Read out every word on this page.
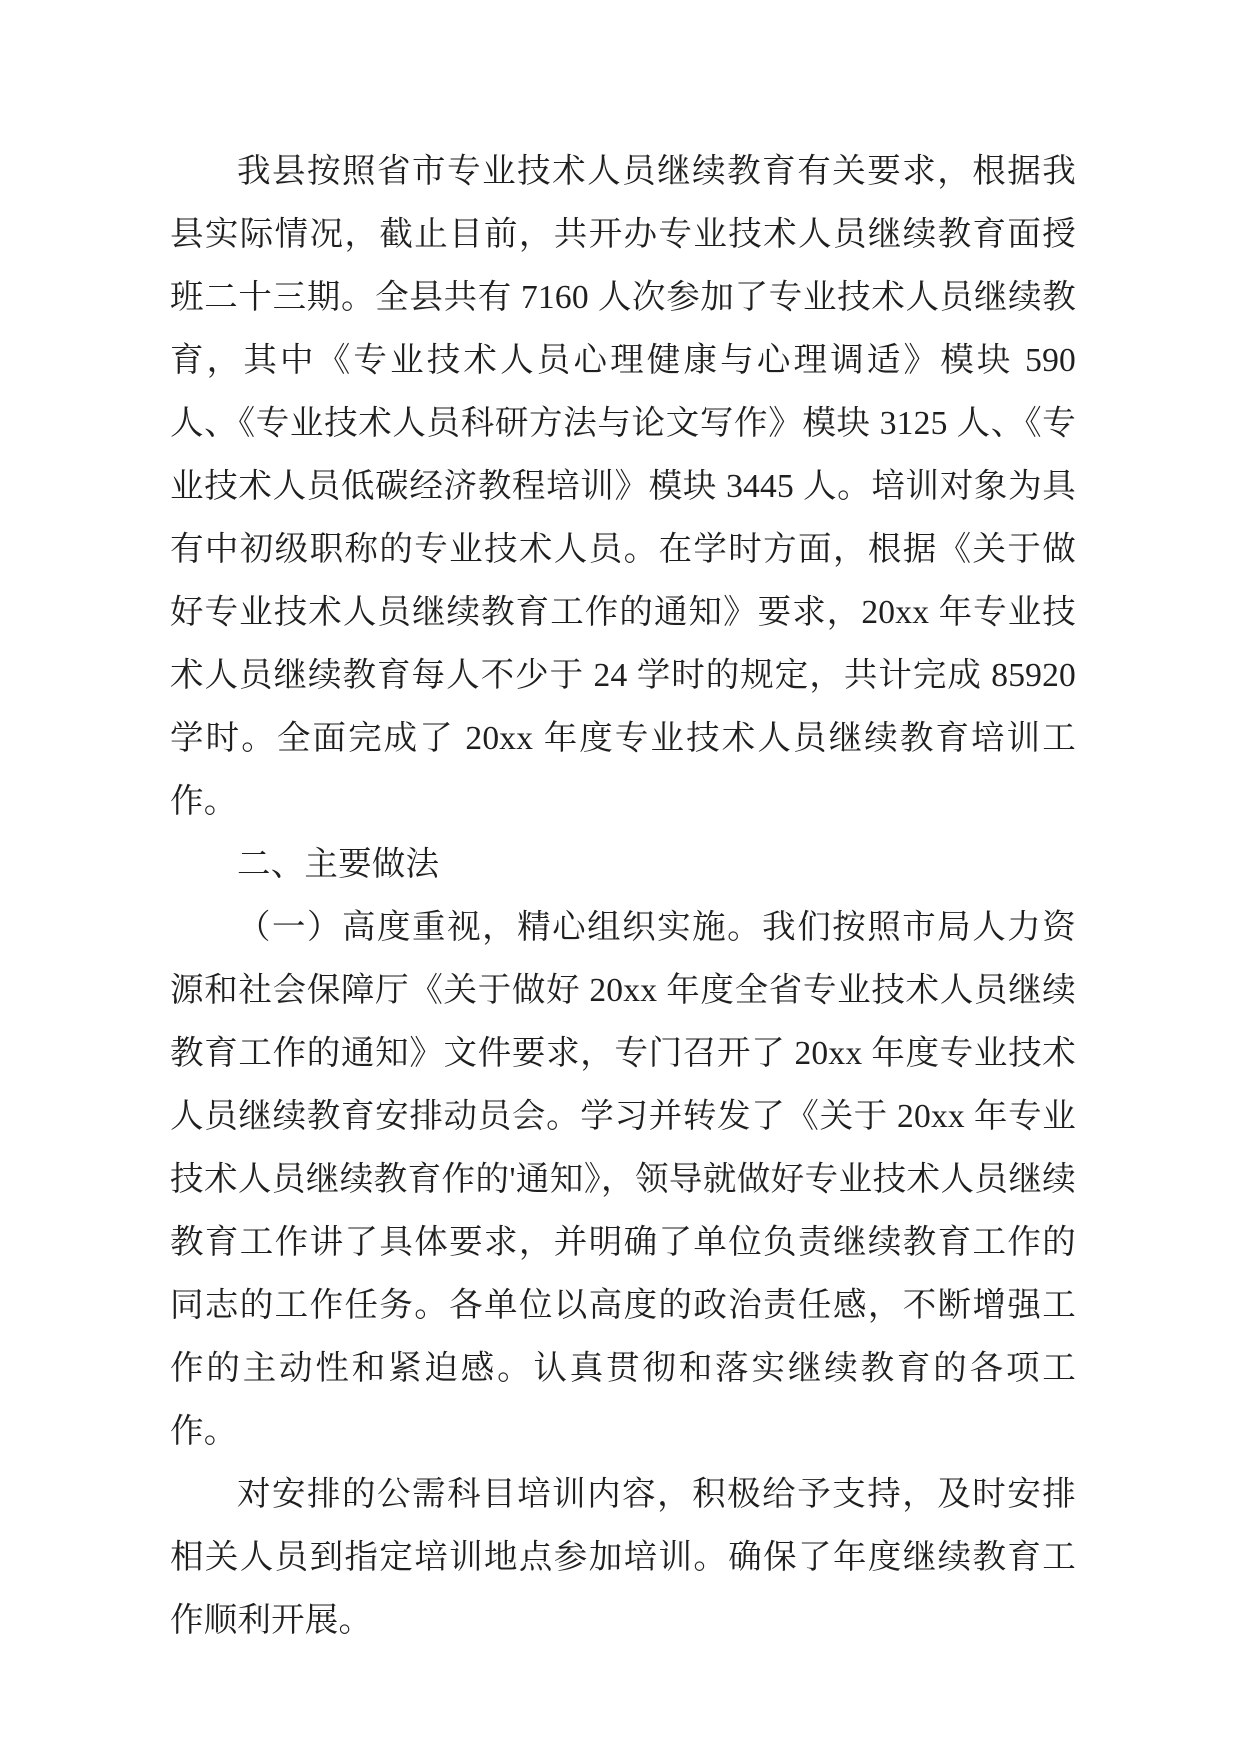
我县按照省市专业技术人员继续教育有关要求，根据我县实际情况，截止目前，共开办专业技术人员继续教育面授班二十三期。全县共有 7160 人次参加了专业技术人员继续教育，其中《专业技术人员心理健康与心理调适》模块 590 人、《专业技术人员科研方法与论文写作》模块 3125 人、《专业技术人员低碳经济教程培训》模块 3445 人。培训对象为具有中初级职称的专业技术人员。在学时方面，根据《关于做好专业技术人员继续教育工作的通知》要求，20xx 年专业技术人员继续教育每人不少于 24 学时的规定，共计完成 85920 学时。全面完成了 20xx 年度专业技术人员继续教育培训工作。

二、主要做法

（一）高度重视，精心组织实施。我们按照市局人力资源和社会保障厅《关于做好 20xx 年度全省专业技术人员继续教育工作的通知》文件要求，专门召开了 20xx 年度专业技术人员继续教育安排动员会。学习并转发了《关于 20xx 年专业技术人员继续教育作的'通知》，领导就做好专业技术人员继续教育工作讲了具体要求，并明确了单位负责继续教育工作的同志的工作任务。各单位以高度的政治责任感，不断增强工作的主动性和紧迫感。认真贯彻和落实继续教育的各项工作。

对安排的公需科目培训内容，积极给予支持，及时安排相关人员到指定培训地点参加培训。确保了年度继续教育工作顺利开展。
